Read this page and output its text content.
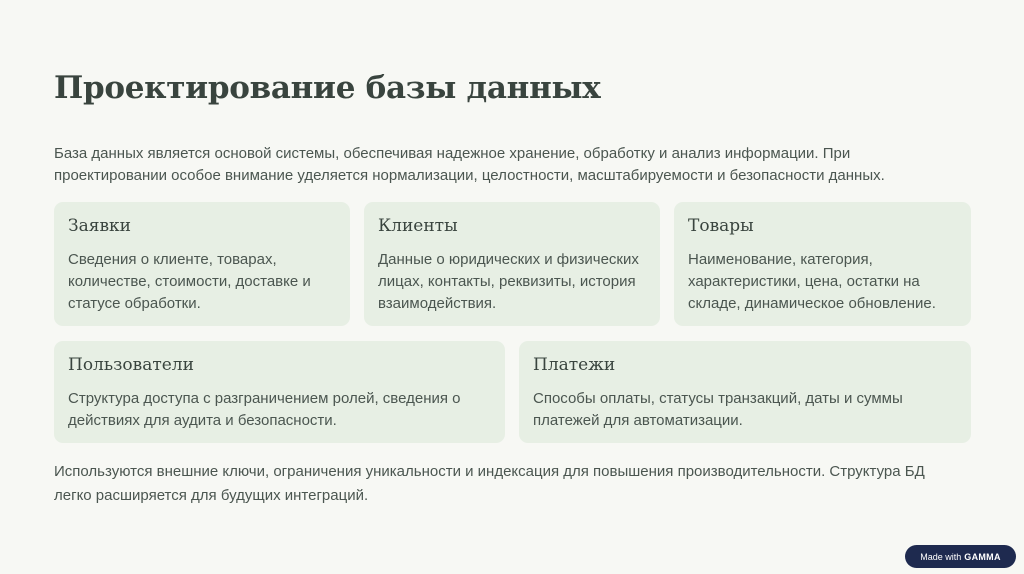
Проектирование базы данных

База данных является основой системы, обеспечивая надежное хранение, обработку и анализ информации. При проектировании особое внимание уделяется нормализации, целостности, масштабируемости и безопасности данных.

Заявки

Сведения о клиенте, товарах, количестве, стоимости, доставке и статусе обработки.

Клиенты

Данные о юридических и физических лицах, контакты, реквизиты, история взаимодействия.

Товары

Наименование, категория, характеристики, цена, остатки на складе, динамическое обновление.

Пользователи

Структура доступа с разграничением ролей, сведения о действиях для аудита и безопасности.

Платежи

Способы оплаты, статусы транзакций, даты и суммы платежей для автоматизации.

Используются внешние ключи, ограничения уникальности и индексация для повышения производительности. Структура БД легко расширяется для будущих интеграций.

Made with GAMMA
